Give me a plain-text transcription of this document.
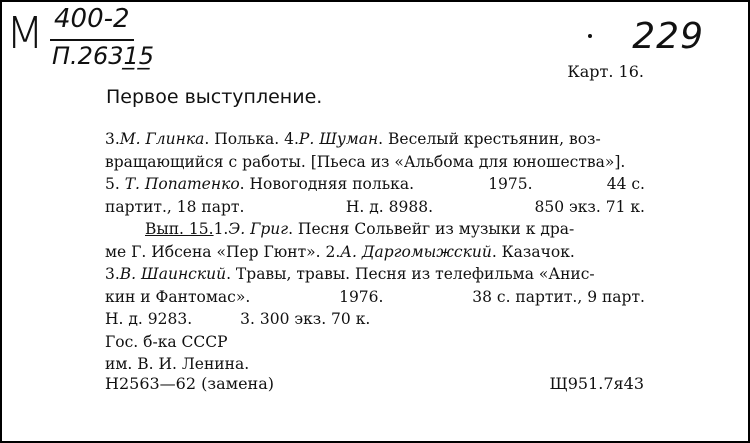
М 400-2
П.2631̲5̲	229
Карт. 16.
Первое выступление.
3. М. Глинка . Полька. 4. Р. Шуман . Веселый крестьянин, воз-
вращающийся с работы. [Пьеса из «Альбома для юношества»].
5. Т. Попатенко. Новогодняя полька.	1975.	44 с.
партит., 18 парт.	Н. д. 8988.	850 экз. 71 к.
Вып. 15. 1. Э. Григ . Песня Сольвейг из музыки к дра-
ме Г. Ибсена «Пер Гюнт». 2. А. Даргомыжский . Казачок.
3. В. Шаинский . Травы, травы. Песня из телефильма «Анис-
кин и Фантомас».	1976.	38 с. партит., 9 парт.
Н. д. 9283.	3. 300 экз. 70 к.
Гос. б-ка СССР
им. В. И. Ленина.
Н2563—62 (замена)	Щ951.7я43
